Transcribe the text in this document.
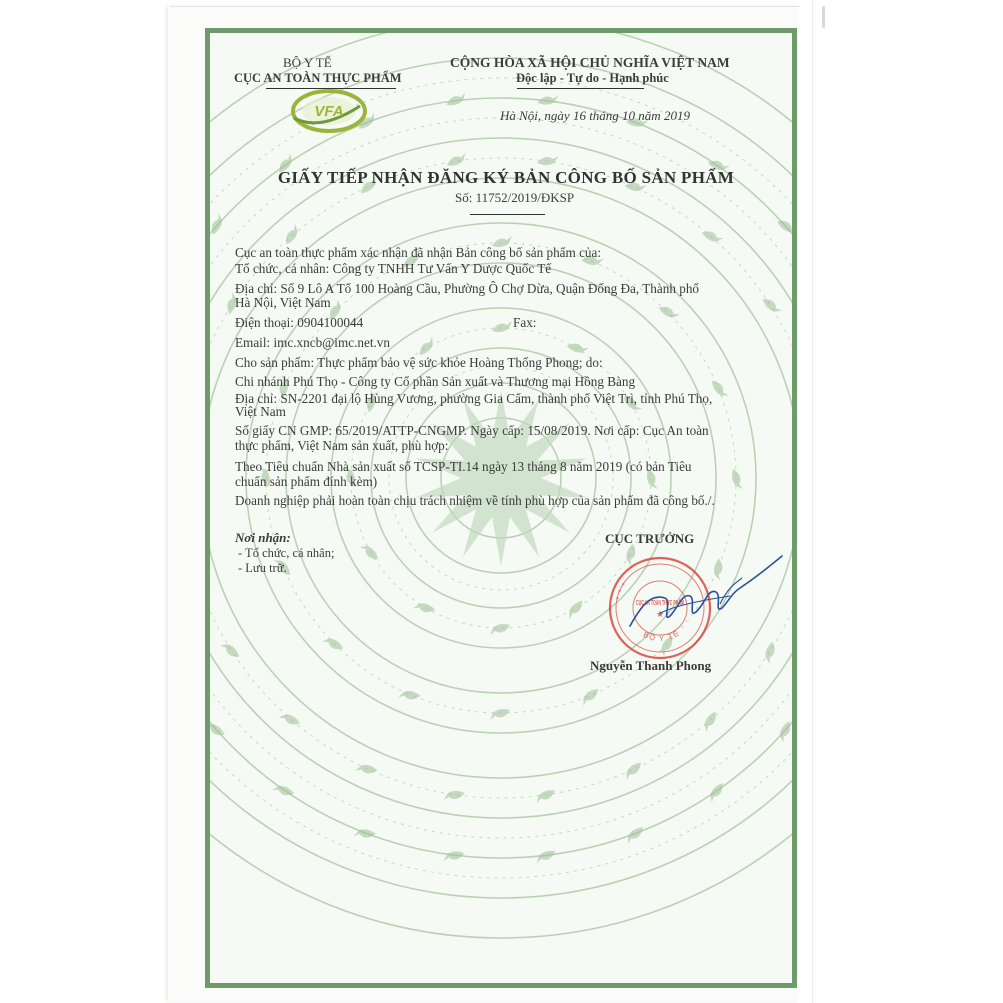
BỘ Y TẾ
CỤC AN TOÀN THỰC PHẨM
VFA
CỘNG HÒA XÃ HỘI CHỦ NGHĨA VIỆT NAM
Độc lập - Tự do - Hạnh phúc
Hà Nội, ngày 16 tháng 10 năm 2019
GIẤY TIẾP NHẬN ĐĂNG KÝ BẢN CÔNG BỐ SẢN PHẨM
Số: 11752/2019/ĐKSP
Cục an toàn thực phẩm xác nhận đã nhận Bản công bố sản phẩm của:
Tổ chức, cá nhân: Công ty TNHH Tư Vấn Y Dược Quốc Tế
Địa chỉ: Số 9 Lô A Tổ 100 Hoàng Cầu, Phường Ô Chợ Dừa, Quận Đống Đa, Thành phố
Hà Nội, Việt Nam
Điện thoại: 0904100044	Fax:
Email: imc.xncb@imc.net.vn
Cho sản phẩm: Thực phẩm bảo vệ sức khỏe Hoàng Thống Phong; do:
Chi nhánh Phú Thọ - Công ty Cổ phần Sản xuất và Thương mại Hồng Bàng
Địa chỉ: SN-2201 đại lộ Hùng Vương, phường Gia Cẩm, thành phố Việt Trì, tỉnh Phú Thọ,
Việt Nam
Số giấy CN GMP: 65/2019/ATTP-CNGMP. Ngày cấp: 15/08/2019. Nơi cấp: Cục An toàn
thực phẩm, Việt Nam sản xuất, phù hợp:
Theo Tiêu chuẩn Nhà sản xuất số TCSP-TI.14 ngày 13 tháng 8 năm 2019 (có bản Tiêu
chuẩn sản phẩm đính kèm)
Doanh nghiệp phải hoàn toàn chịu trách nhiệm về tính phù hợp của sản phẩm đã công bố./.
Nơi nhận:
- Tổ chức, cá nhân;
- Lưu trữ.
CỤC TRƯỞNG
* * *
BỘ Y TẾ
CỤC AN TOÀN THỰC PHẨM
★
Nguyễn Thanh Phong
